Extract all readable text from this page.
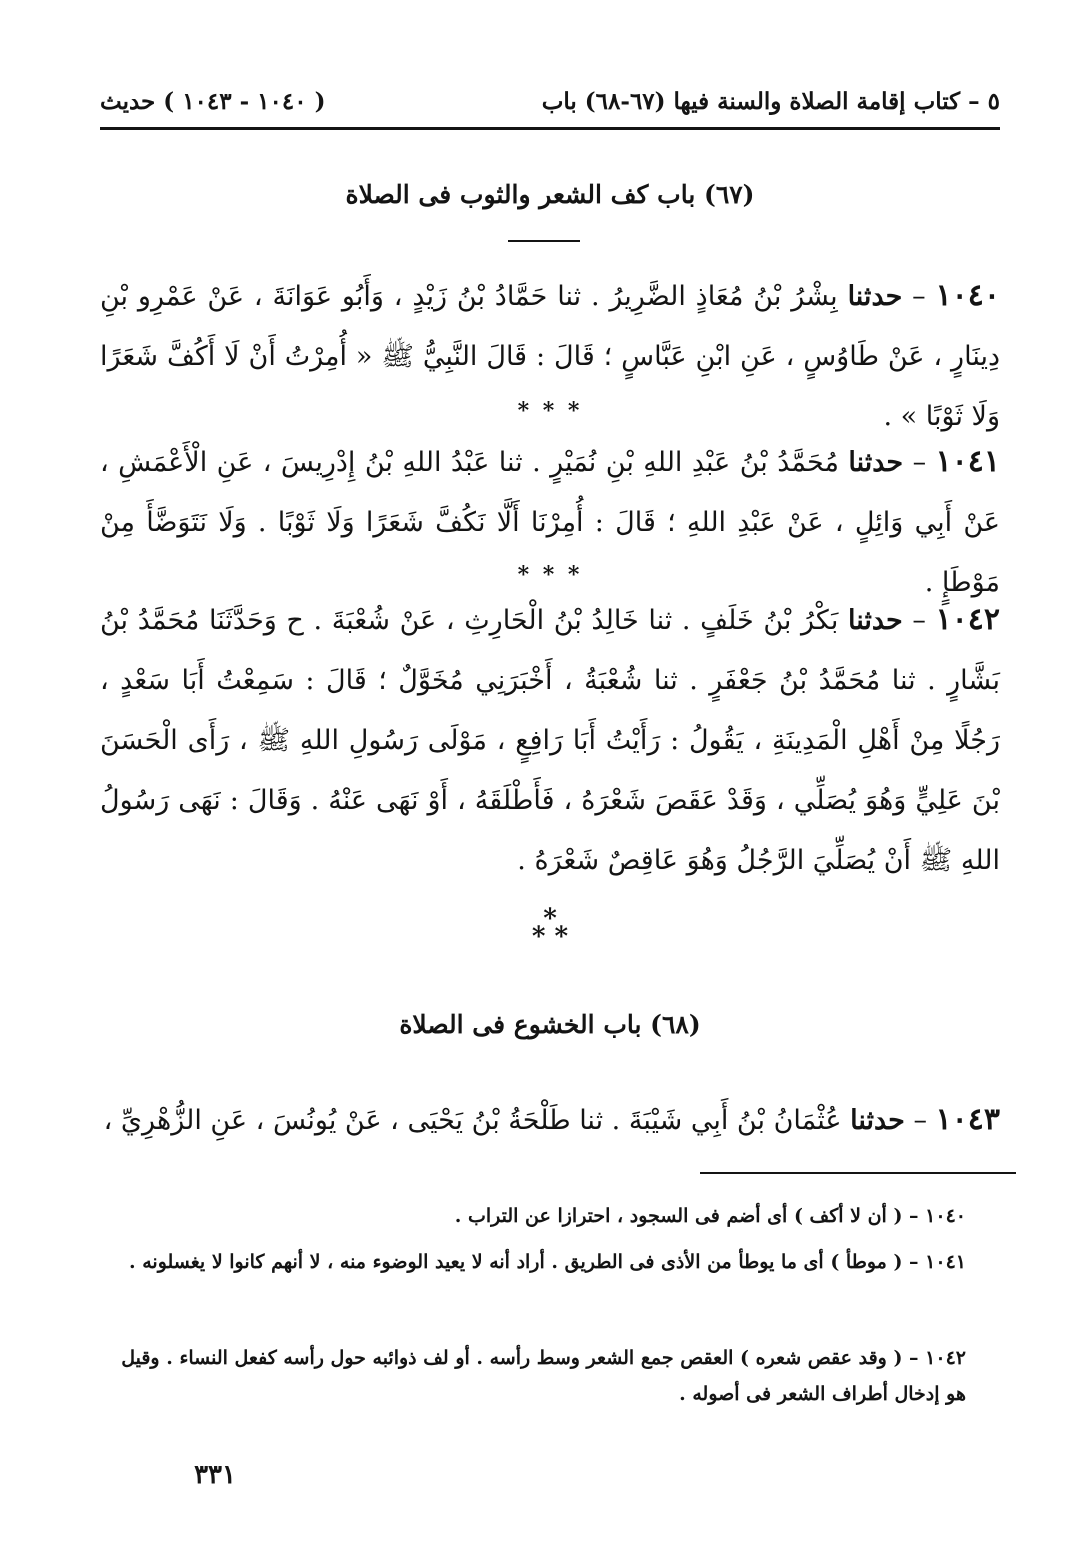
٥ – كتاب إقامة الصلاة والسنة فيها (٦٧-٦٨) باب
( ١٠٤٠ - ١٠٤٣ ) حديث
(٦٧) باب كف الشعر والثوب فى الصلاة
١٠٤٠ – حدثنا بِشْرُ بْنُ مُعَاذٍ الضَّرِيرُ . ثنا حَمَّادُ بْنُ زَيْدٍ ، وَأَبُو عَوَانَةَ ، عَنْ عَمْرِو بْنِ دِينَارٍ ، عَنْ طَاوُسٍ ، عَنِ ابْنِ عَبَّاسٍ ؛ قَالَ : قَالَ النَّبِيُّ ﷺ « أُمِرْتُ أَنْ لَا أَكُفَّ شَعَرًا وَلَا ثَوْبًا » .
* * *
١٠٤١ – حدثنا مُحَمَّدُ بْنُ عَبْدِ اللهِ بْنِ نُمَيْرٍ . ثنا عَبْدُ اللهِ بْنُ إِدْرِيسَ ، عَنِ الْأَعْمَشِ ، عَنْ أَبِي وَائِلٍ ، عَنْ عَبْدِ اللهِ ؛ قَالَ : أُمِرْنَا أَلَّا نَكُفَّ شَعَرًا وَلَا ثَوْبًا . وَلَا نَتَوَضَّأَ مِنْ مَوْطَإٍ .
* * *
١٠٤٢ – حدثنا بَكْرُ بْنُ خَلَفٍ . ثنا خَالِدُ بْنُ الْحَارِثِ ، عَنْ شُعْبَةَ . ح وَحَدَّثَنَا مُحَمَّدُ بْنُ بَشَّارٍ . ثنا مُحَمَّدُ بْنُ جَعْفَرٍ . ثنا شُعْبَةُ ، أَخْبَرَنِي مُخَوَّلٌ ؛ قَالَ : سَمِعْتُ أَبَا سَعْدٍ ، رَجُلًا مِنْ أَهْلِ الْمَدِينَةِ ، يَقُولُ : رَأَيْتُ أَبَا رَافِعٍ ، مَوْلَى رَسُولِ اللهِ ﷺ ، رَأَى الْحَسَنَ بْنَ عَلِيٍّ وَهُوَ يُصَلِّي ، وَقَدْ عَقَصَ شَعْرَهُ ، فَأَطْلَقَهُ ، أَوْ نَهَى عَنْهُ . وَقَالَ : نَهَى رَسُولُ اللهِ ﷺ أَنْ يُصَلِّيَ الرَّجُلُ وَهُوَ عَاقِصٌ شَعْرَهُ .
*
* *
(٦٨) باب الخشوع فى الصلاة
١٠٤٣ – حدثنا عُثْمَانُ بْنُ أَبِي شَيْبَةَ . ثنا طَلْحَةُ بْنُ يَحْيَى ، عَنْ يُونُسَ ، عَنِ الزُّهْرِيِّ ،
١٠٤٠ – ( أن لا أكف ) أى أضم فى السجود ، احترازا عن التراب .
١٠٤١ – ( موطأ ) أى ما يوطأ من الأذى فى الطريق . أراد أنه لا يعيد الوضوء منه ، لا أنهم كانوا لا يغسلونه .
١٠٤٢ – ( وقد عقص شعره ) العقص جمع الشعر وسط رأسه . أو لف ذوائبه حول رأسه كفعل النساء . وقيل هو إدخال أطراف الشعر فى أصوله .
٣٣١
